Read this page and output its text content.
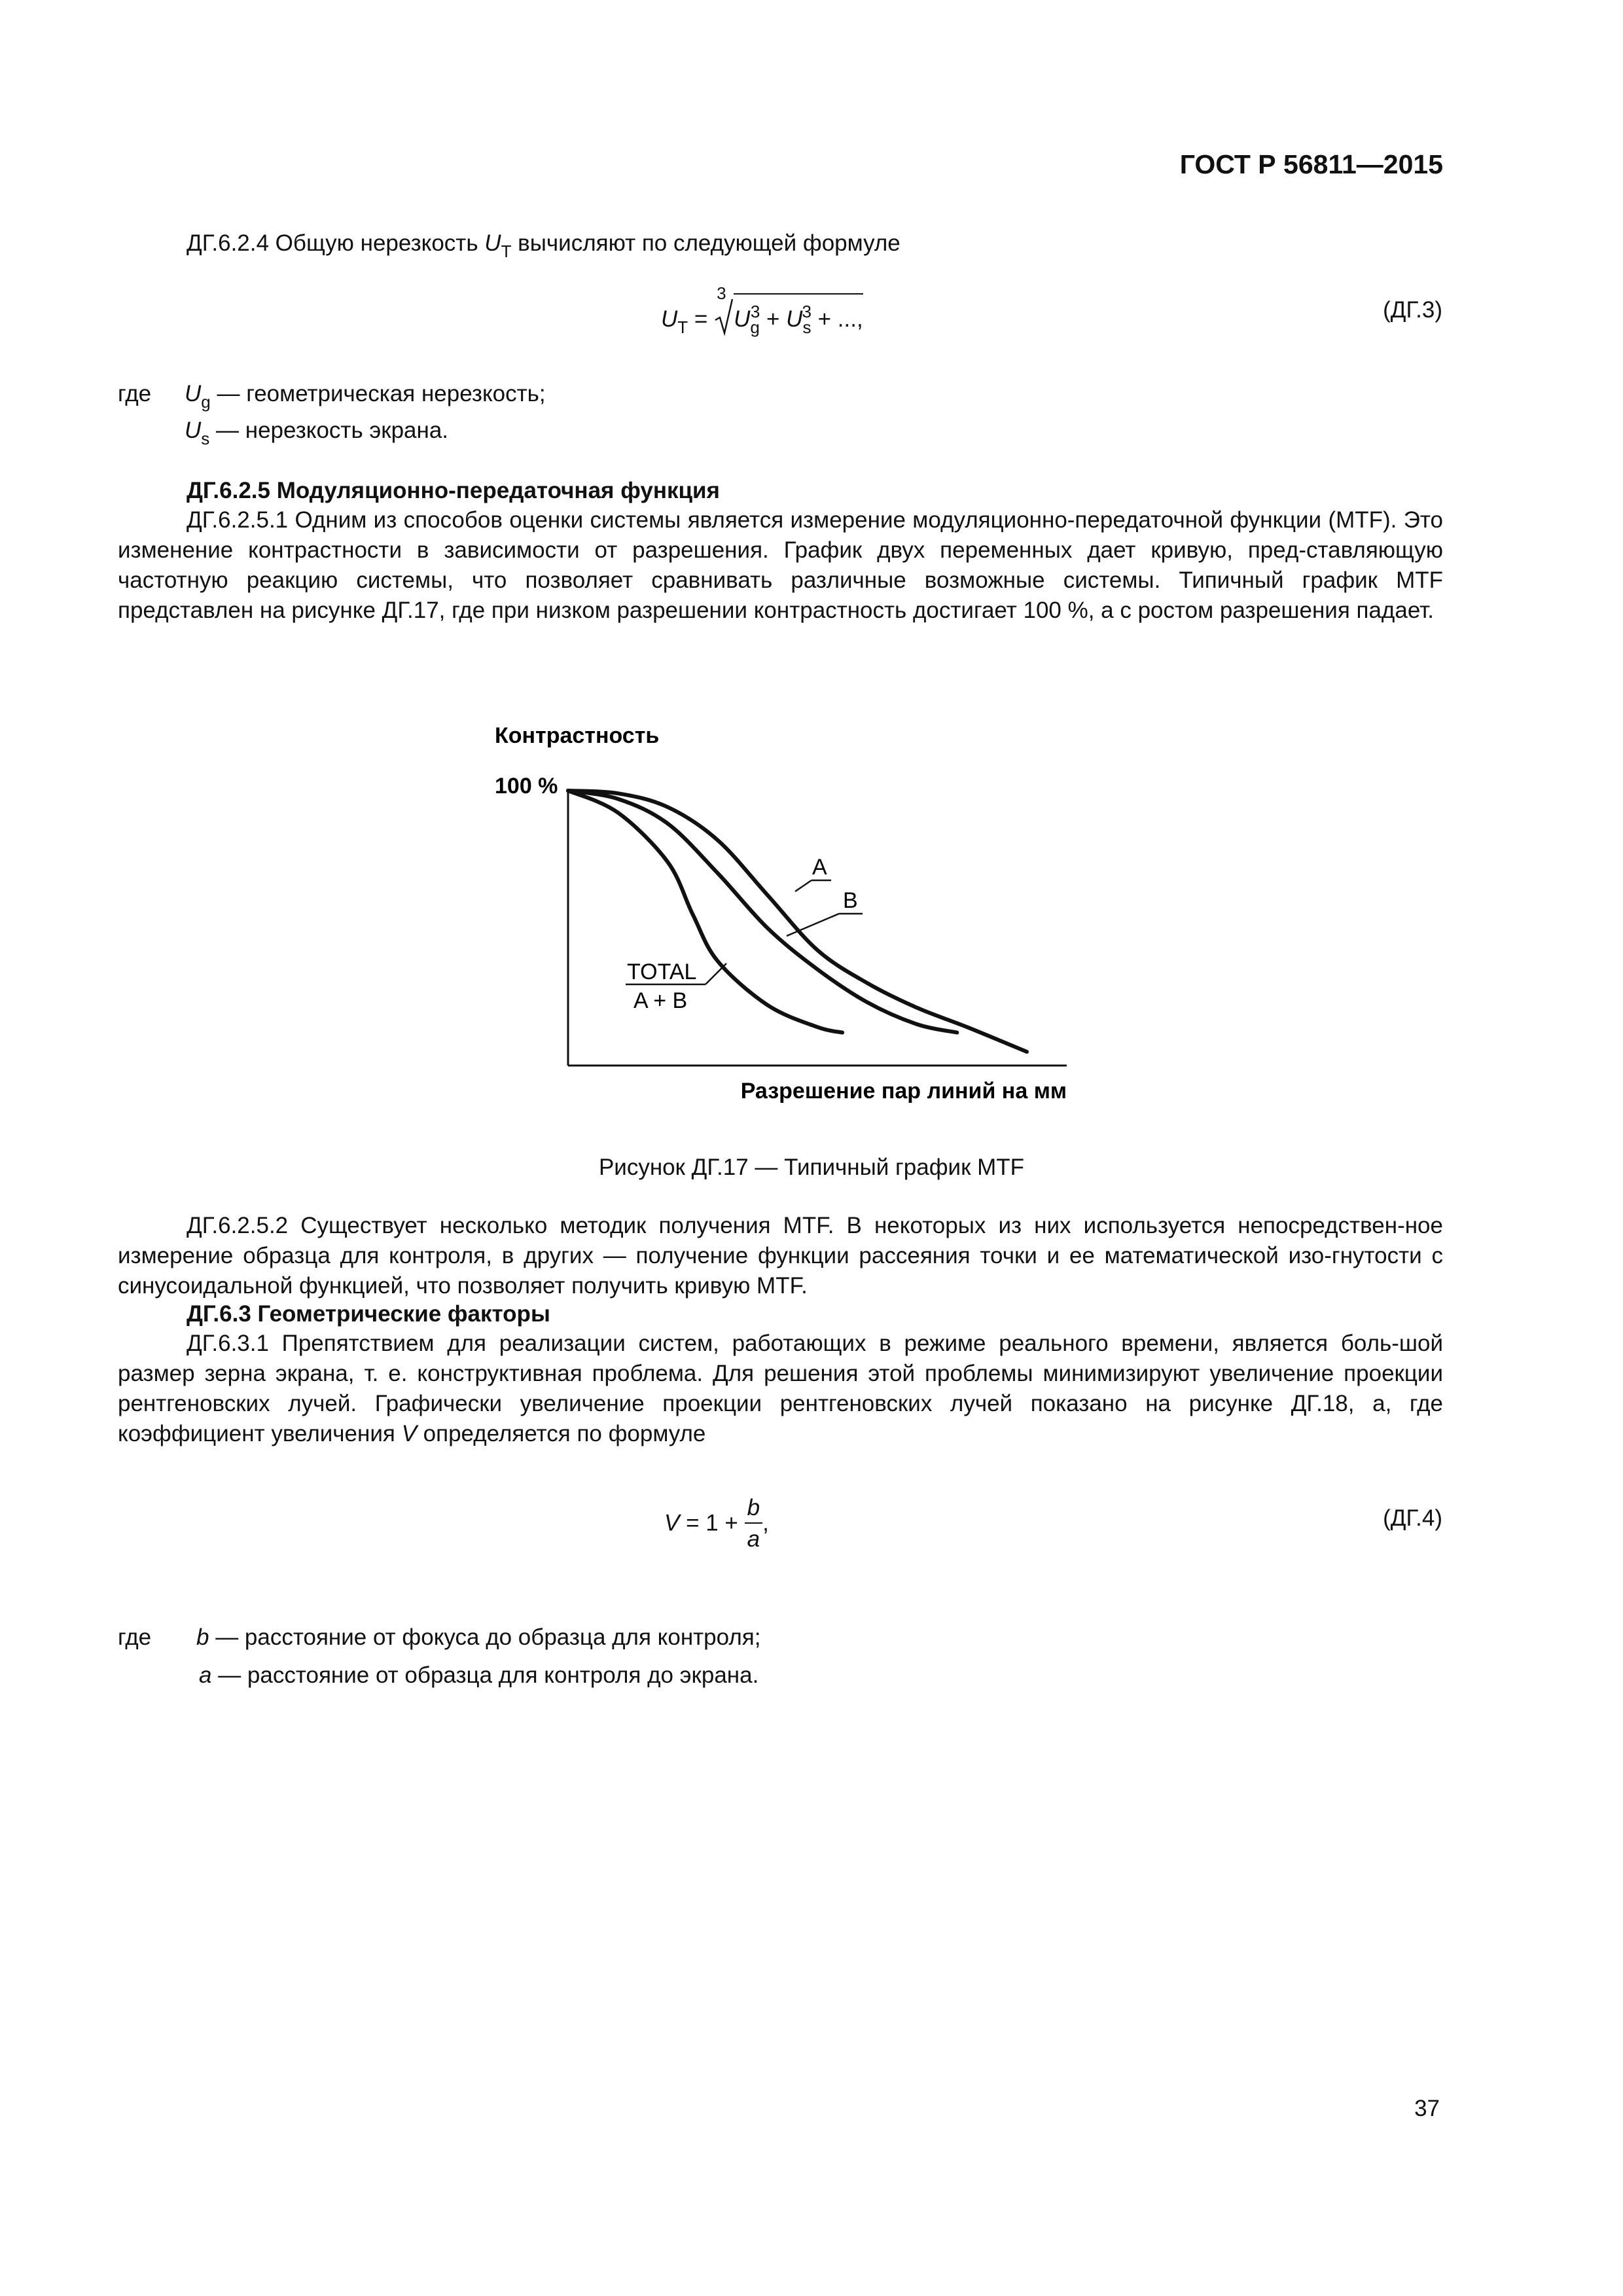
ГОСТ Р 56811—2015
ДГ.6.2.4 Общую нерезкость $U_T$ вычисляют по следующей формуле
$U_T$ =
3
$U_g^3 + U_s^3$ + ...,	(ДГ.3)
где $U_g$ — геометрическая нерезкость;
$U_s$ — нерезкость экрана.
ДГ.6.2.5 Модуляционно-передаточная функция
ДГ.6.2.5.1 Одним из способов оценки системы является измерение модуляционно-передаточной функции (MTF). Это изменение контрастности в зависимости от разрешения. График двух переменных дает кривую, пред-ставляющую частотную реакцию системы, что позволяет сравнивать различные возможные системы. Типичный график MTF представлен на рисунке ДГ.17, где при низком разрешении контрастность достигает 100 %, а с ростом разрешения падает.
Контрастность
100 %
Разрешение пар линий на мм
A
B
TOTAL
A + B
Рисунок ДГ.17 — Типичный график MTF
ДГ.6.2.5.2 Существует несколько методик получения MTF. В некоторых из них используется непосредствен-ное измерение образца для контроля, в других — получение функции рассеяния точки и ее математической изо-гнутости с синусоидальной функцией, что позволяет получить кривую MTF.
ДГ.6.3 Геометрические факторы
ДГ.6.3.1 Препятствием для реализации систем, работающих в режиме реального времени, является боль-шой размер зерна экрана, т. е. конструктивная проблема. Для решения этой проблемы минимизируют увеличение проекции рентгеновских лучей. Графически увеличение проекции рентгеновских лучей показано на рисунке ДГ.18, а, где коэффициент увеличения V определяется по формуле
$V = 1 + \frac{b}{a}$ ,	(ДГ.4)
где b — расстояние от фокуса до образца для контроля;
a — расстояние от образца для контроля до экрана.
37
